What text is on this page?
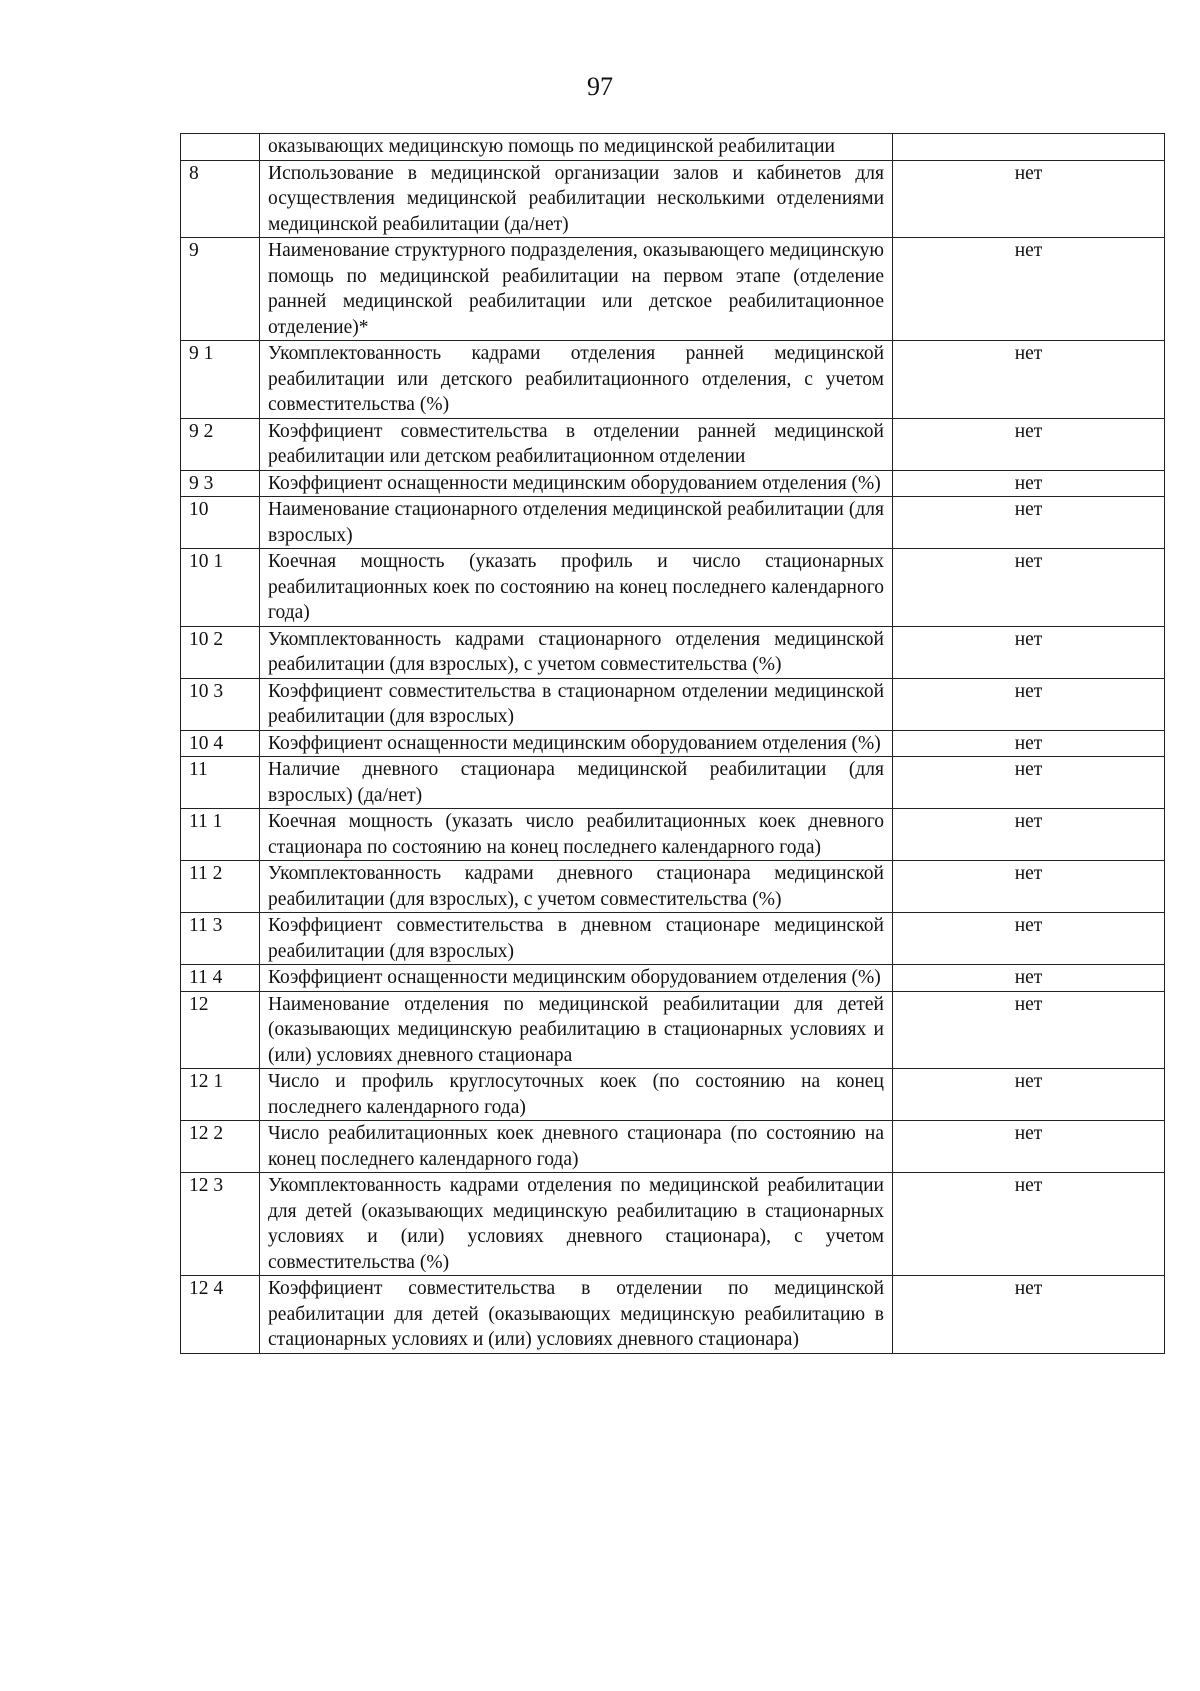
97
	оказывающих медицинскую помощь по медицинской реабилитации	
8	Использование в медицинской организации залов и кабинетов для осуществления медицинской реабилитации несколькими отделениями медицинской реабилитации (да/нет)	нет
9	Наименование структурного подразделения, оказывающего медицинскую помощь по медицинской реабилитации на первом этапе (отделение ранней медицинской реабилитации или детское реабилитационное отделение)*	нет
9 1	Укомплектованность кадрами отделения ранней медицинской реабилитации или детского реабилитационного отделения, с учетом совместительства (%)	нет
9 2	Коэффициент совместительства в отделении ранней медицинской реабилитации или детском реабилитационном отделении	нет
9 3	Коэффициент оснащенности медицинским оборудованием отделения (%)	нет
10	Наименование стационарного отделения медицинской реабилитации (для взрослых)	нет
10 1	Коечная мощность (указать профиль и число стационарных реабилитационных коек по состоянию на конец последнего календарного года)	нет
10 2	Укомплектованность кадрами стационарного отделения медицинской реабилитации (для взрослых), с учетом совместительства (%)	нет
10 3	Коэффициент совместительства в стационарном отделении медицинской реабилитации (для взрослых)	нет
10 4	Коэффициент оснащенности медицинским оборудованием отделения (%)	нет
11	Наличие дневного стационара медицинской реабилитации (для взрослых) (да/нет)	нет
11 1	Коечная мощность (указать число реабилитационных коек дневного стационара по состоянию на конец последнего календарного года)	нет
11 2	Укомплектованность кадрами дневного стационара медицинской реабилитации (для взрослых), с учетом совместительства (%)	нет
11 3	Коэффициент совместительства в дневном стационаре медицинской реабилитации (для взрослых)	нет
11 4	Коэффициент оснащенности медицинским оборудованием отделения (%)	нет
12	Наименование отделения по медицинской реабилитации для детей (оказывающих медицинскую реабилитацию в стационарных условиях и (или) условиях дневного стационара	нет
12 1	Число и профиль круглосуточных коек (по состоянию на конец последнего календарного года)	нет
12 2	Число реабилитационных коек дневного стационара (по состоянию на конец последнего календарного года)	нет
12 3	Укомплектованность кадрами отделения по медицинской реабилитации для детей (оказывающих медицинскую реабилитацию в стационарных условиях и (или) условиях дневного стационара), с учетом совместительства (%)	нет
12 4	Коэффициент совместительства в отделении по медицинской реабилитации для детей (оказывающих медицинскую реабилитацию в стационарных условиях и (или) условиях дневного стационара)	нет
